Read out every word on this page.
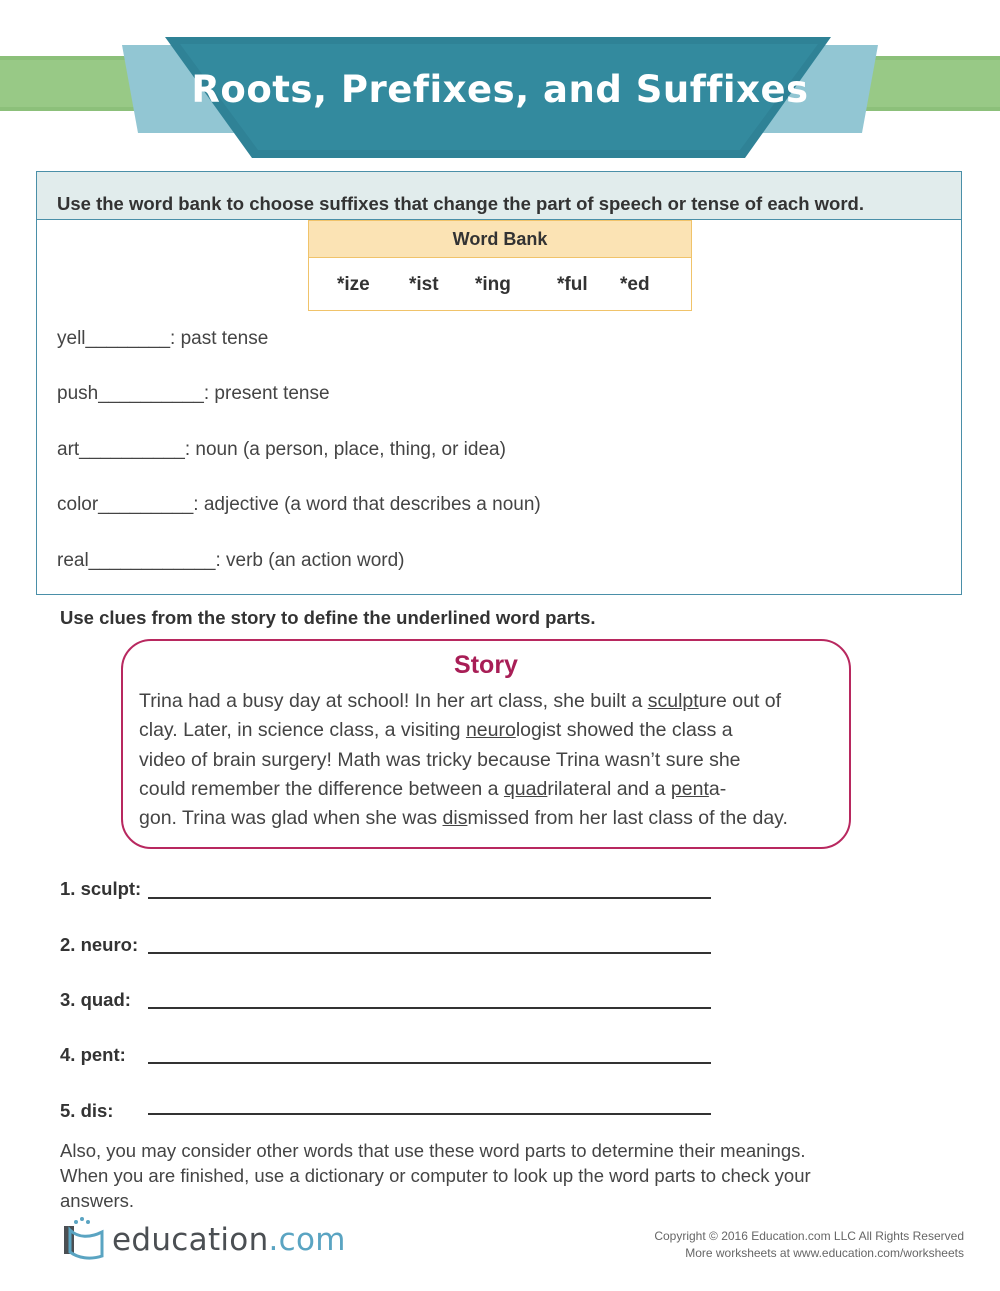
Roots, Prefixes, and Suffixes
Use the word bank to choose suffixes that change the part of speech or tense of each word.
Word Bank
*ize *ist *ing *ful *ed
yell________: past tense
push__________: present tense
art__________: noun (a person, place, thing, or idea)
color_________: adjective (a word that describes a noun)
real____________: verb (an action word)
Use clues from the story to define the underlined word parts.
Story
Trina had a busy day at school! In her art class, she built a sculpture out of
clay. Later, in science class, a visiting neurologist showed the class a
video of brain surgery! Math was tricky because Trina wasn’t sure she
could remember the difference between a quadrilateral and a penta-
gon. Trina was glad when she was dismissed from her last class of the day.
1. sculpt:
2. neuro:
3. quad:
4. pent:
5. dis:
Also, you may consider other words that use these word parts to determine their meanings.
When you are finished, use a dictionary or computer to look up the word parts to check your
answers.
education.com	Copyright © 2016 Education.com LLC All Rights Reserved
More worksheets at www.education.com/worksheets
